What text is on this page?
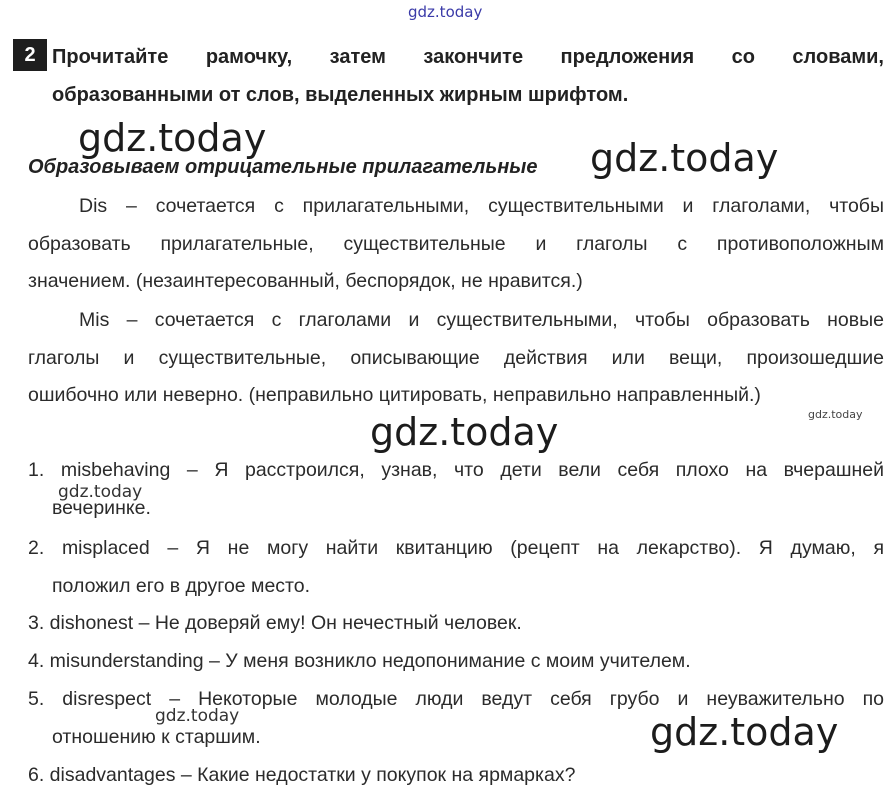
gdz.today
gdz.today	gdz.today
gdz.today
gdz.today
2 Прочитайте рамочку, затем закончите предложения со словами,
образованными от слов, выделенных жирным шрифтом.
Образовываем отрицательные прилагательные
Dis – сочетается с прилагательными, существительными и глаголами, чтобы
образовать прилагательные, существительные и глаголы с противоположным
значением. (незаинтересованный, беспорядок, не нравится.)
Mis – сочетается с глаголами и существительными, чтобы образовать новые
глаголы и существительные, описывающие действия или вещи, произошедшие
ошибочно или неверно. (неправильно цитировать, неправильно направленный.)
1. misbehaving – Я расстроился, узнав, что дети вели себя плохо на вчерашней
вечеринке.
gdz.today
2. misplaced – Я не могу найти квитанцию (рецепт на лекарство). Я думаю, я
положил его в другое место.
3. dishonest – Не доверяй ему! Он нечестный человек.
4. misunderstanding – У меня возникло недопонимание с моим учителем.
5. disrespect – Некоторые молодые люди ведут себя грубо и неуважительно по
отношению к старшим.
gdz.today	gdz.today
6. disadvantages – Какие недостатки у покупок на ярмарках?
